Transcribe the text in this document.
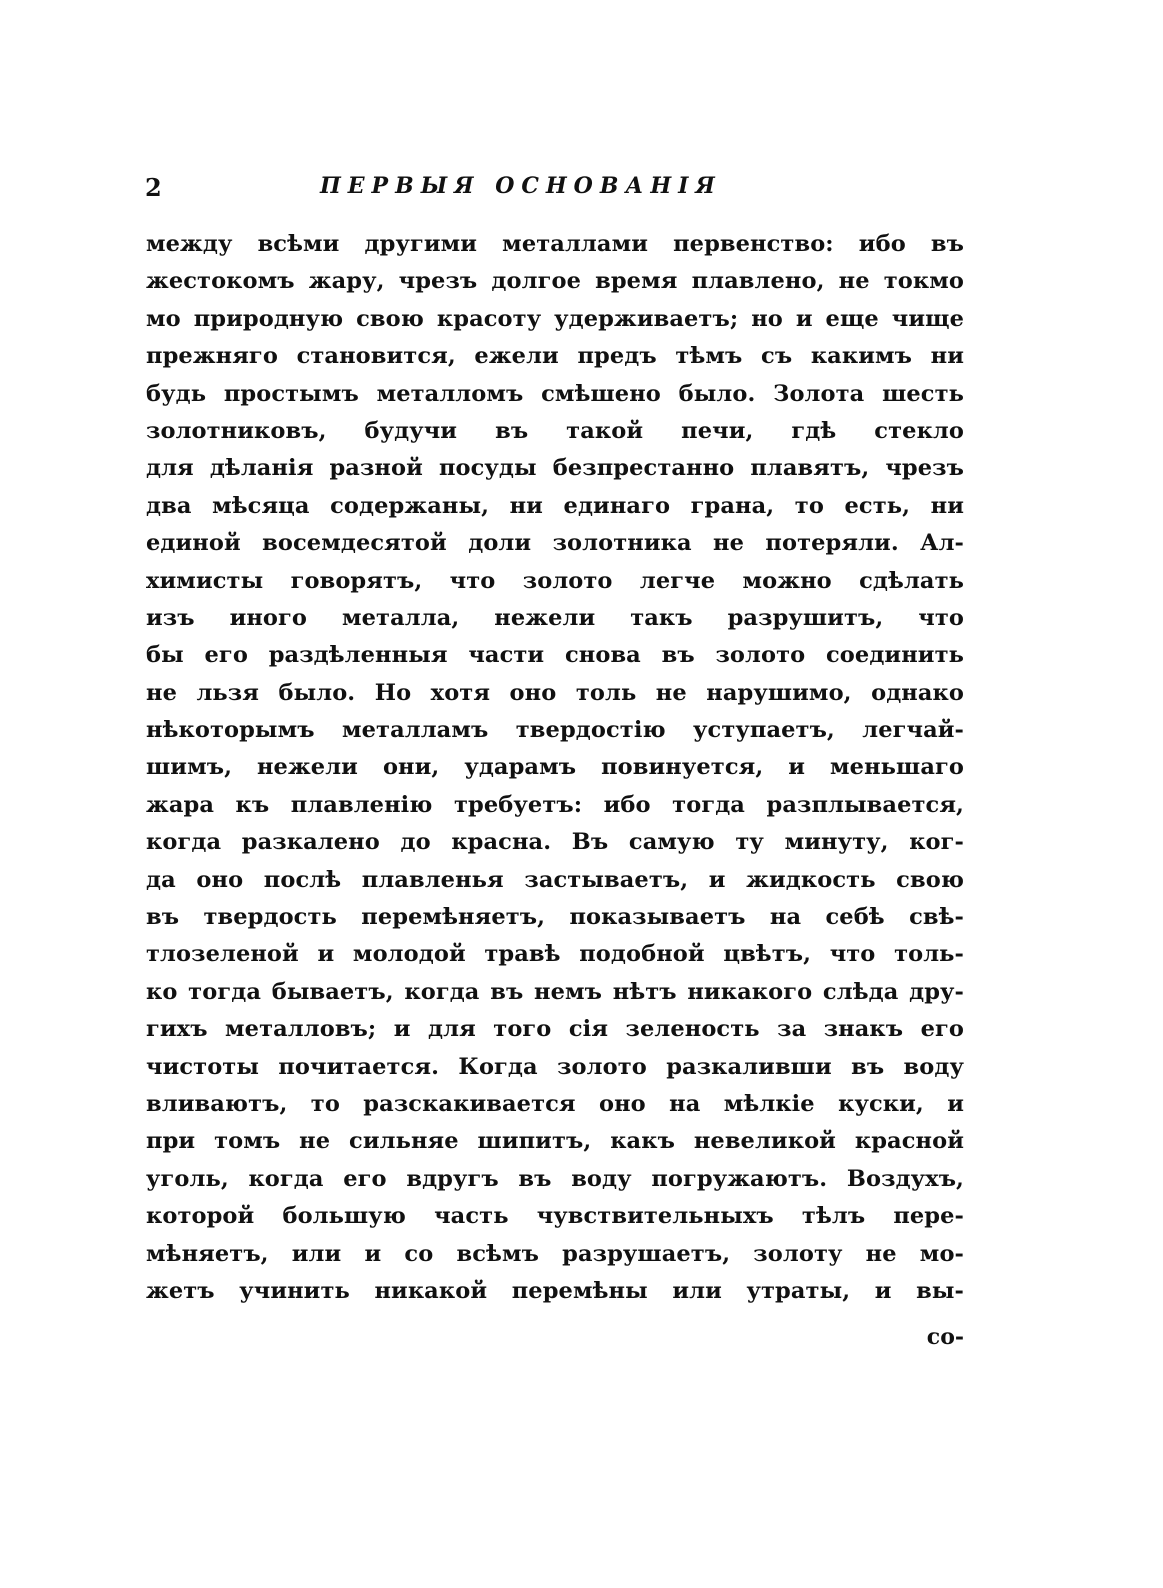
2	ПЕРВЫЯ ОСНОВАНІЯ
между всѣми другими металлами первенство: ибо въ
жестокомъ жару, чрезъ долгое время плавлено, не токмо
мо природную свою красоту удерживаетъ; но и еще чище
прежняго становится, ежели предъ тѣмъ съ какимъ ни
будь простымъ металломъ смѣшено было. Золота шесть
золотниковъ, будучи въ такой печи, гдѣ стекло
для дѣланія разной посуды безпрестанно плавятъ, чрезъ
два мѣсяца содержаны, ни единаго грана, то есть, ни
единой восемдесятой доли золотника не потеряли. Ал-
химисты говорятъ, что золото легче можно сдѣлать
изъ иного металла, нежели такъ разрушитъ, что
бы его раздѣленныя части снова въ золото соединить
не льзя было. Но хотя оно толь не нарушимо, однако
нѣкоторымъ металламъ твердостію уступаетъ, легчай-
шимъ, нежели они, ударамъ повинуется, и меньшаго
жара къ плавленію требуетъ: ибо тогда разплывается,
когда разкалено до красна. Въ самую ту минуту, ког-
да оно послѣ плавленья застываетъ, и жидкость свою
въ твердость перемѣняетъ, показываетъ на себѣ свѣ-
тлозеленой и молодой травѣ подобной цвѣтъ, что толь-
ко тогда бываетъ, когда въ немъ нѣтъ никакого слѣда дру-
гихъ металловъ; и для того сія зеленость за знакъ его
чистоты почитается. Когда золото разкаливши въ воду
вливаютъ, то разскакивается оно на мѣлкіе куски, и
при томъ не сильняе шипитъ, какъ невеликой красной
уголь, когда его вдругъ въ воду погружаютъ. Воздухъ,
которой большую часть чувствительныхъ тѣлъ пере-
мѣняетъ, или и со всѣмъ разрушаетъ, золоту не мо-
жетъ учинить никакой перемѣны или утраты, и вы-
со-
